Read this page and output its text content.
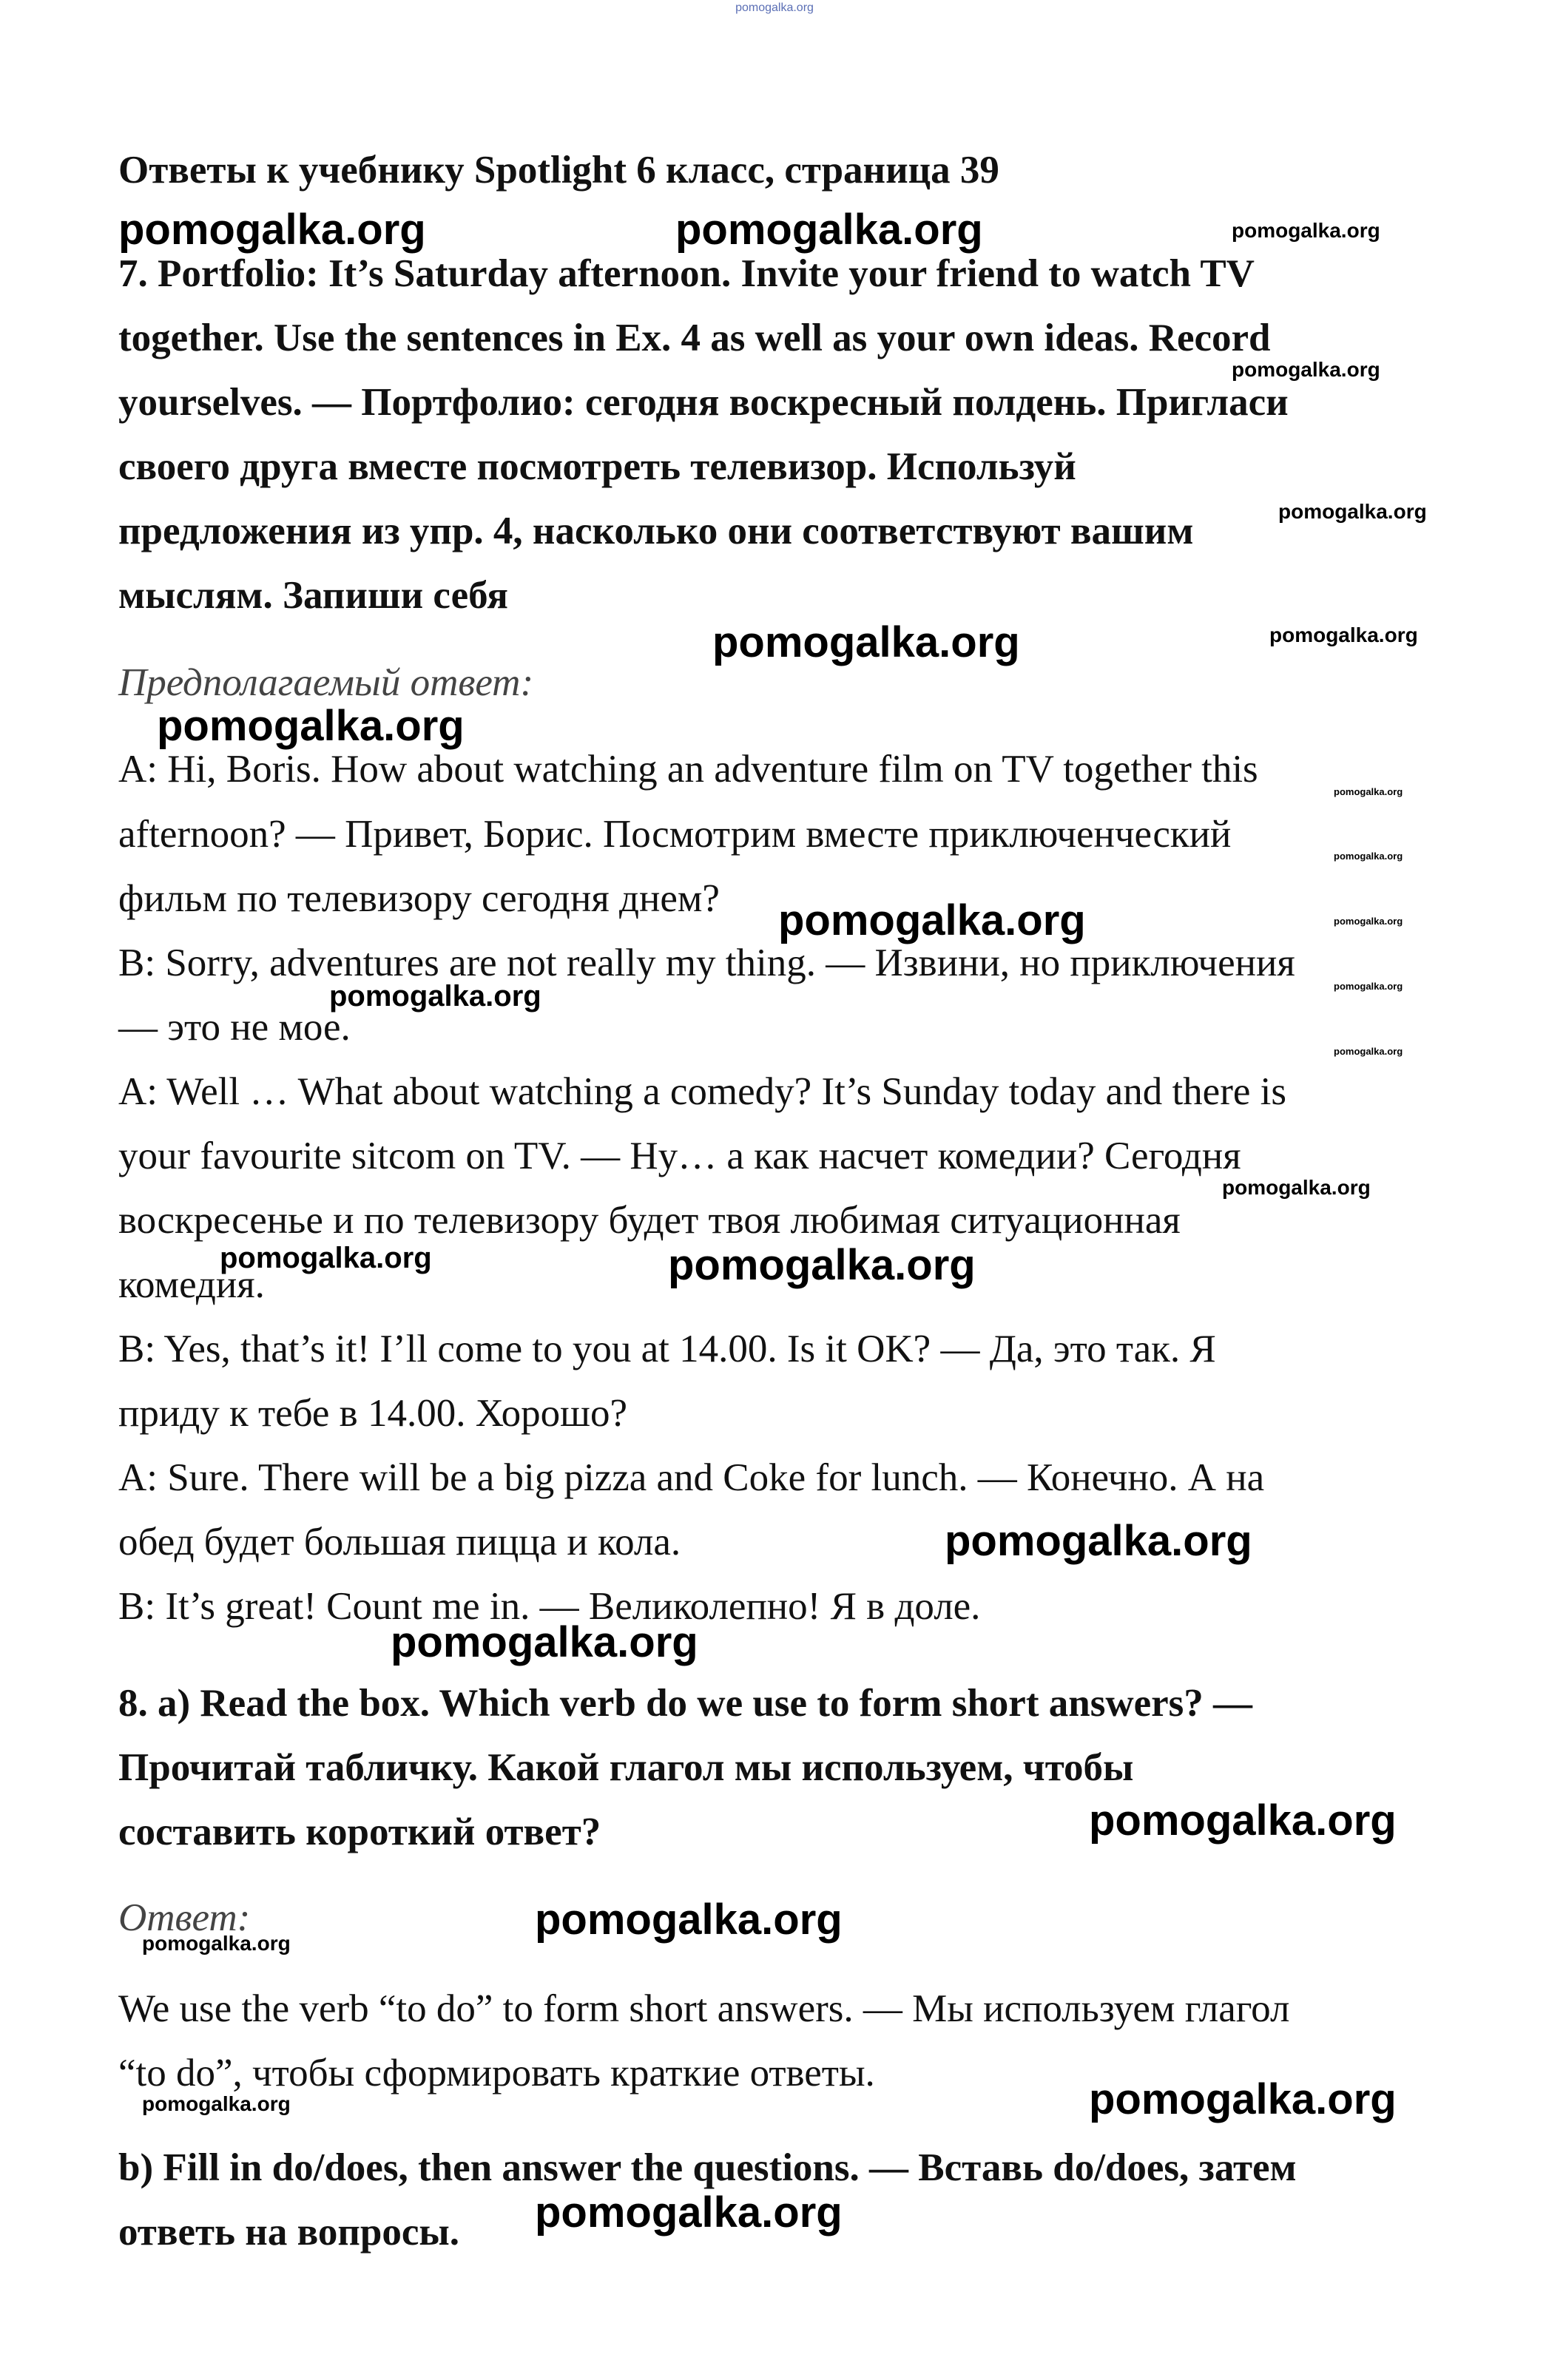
pomogalka.org

Ответы к учебнику Spotlight 6 класс, страница 39

7. Portfolio: It’s Saturday afternoon. Invite your friend to watch TV

together. Use the sentences in Ex. 4 as well as your own ideas. Record

yourselves. — Портфолио: сегодня воскресный полдень. Пригласи

своего друга вместе посмотреть телевизор. Используй

предложения из упр. 4, насколько они соответствуют вашим

мыслям. Запиши себя

Предполагаемый ответ:

A: Hi, Boris. How about watching an adventure film on TV together this

afternoon? — Привет, Борис. Посмотрим вместе приключенческий

фильм по телевизору сегодня днем?

B: Sorry, adventures are not really my thing. — Извини, но приключения

— это не мое.

A: Well … What about watching a comedy? It’s Sunday today and there is

your favourite sitcom on TV. — Ну… а как насчет комедии? Сегодня

воскресенье и по телевизору будет твоя любимая ситуационная

комедия.

B: Yes, that’s it! I’ll come to you at 14.00. Is it OK? — Да, это так. Я

приду к тебе в 14.00. Хорошо?

A: Sure. There will be a big pizza and Coke for lunch. — Конечно. А на

обед будет большая пицца и кола.

B: It’s great! Count me in. — Великолепно! Я в доле.

8. a) Read the box. Which verb do we use to form short answers? —

Прочитай табличку. Какой глагол мы используем, чтобы

составить короткий ответ?

Ответ:

We use the verb “to do” to form short answers. — Мы используем глагол

“to do”, чтобы сформировать краткие ответы.

b) Fill in do/does, then answer the questions. — Вставь do/does, затем

ответь на вопросы.

pomogalka.org	pomogalka.org	pomogalka.org
pomogalka.org
pomogalka.org
pomogalka.org	pomogalka.org
pomogalka.org
pomogalka.org
pomogalka.org
pomogalka.org	pomogalka.org
pomogalka.org
pomogalka.org
pomogalka.org
pomogalka.org
pomogalka.org	pomogalka.org
pomogalka.org
pomogalka.org
pomogalka.org
pomogalka.org
pomogalka.org
pomogalka.org	pomogalka.org
pomogalka.org
